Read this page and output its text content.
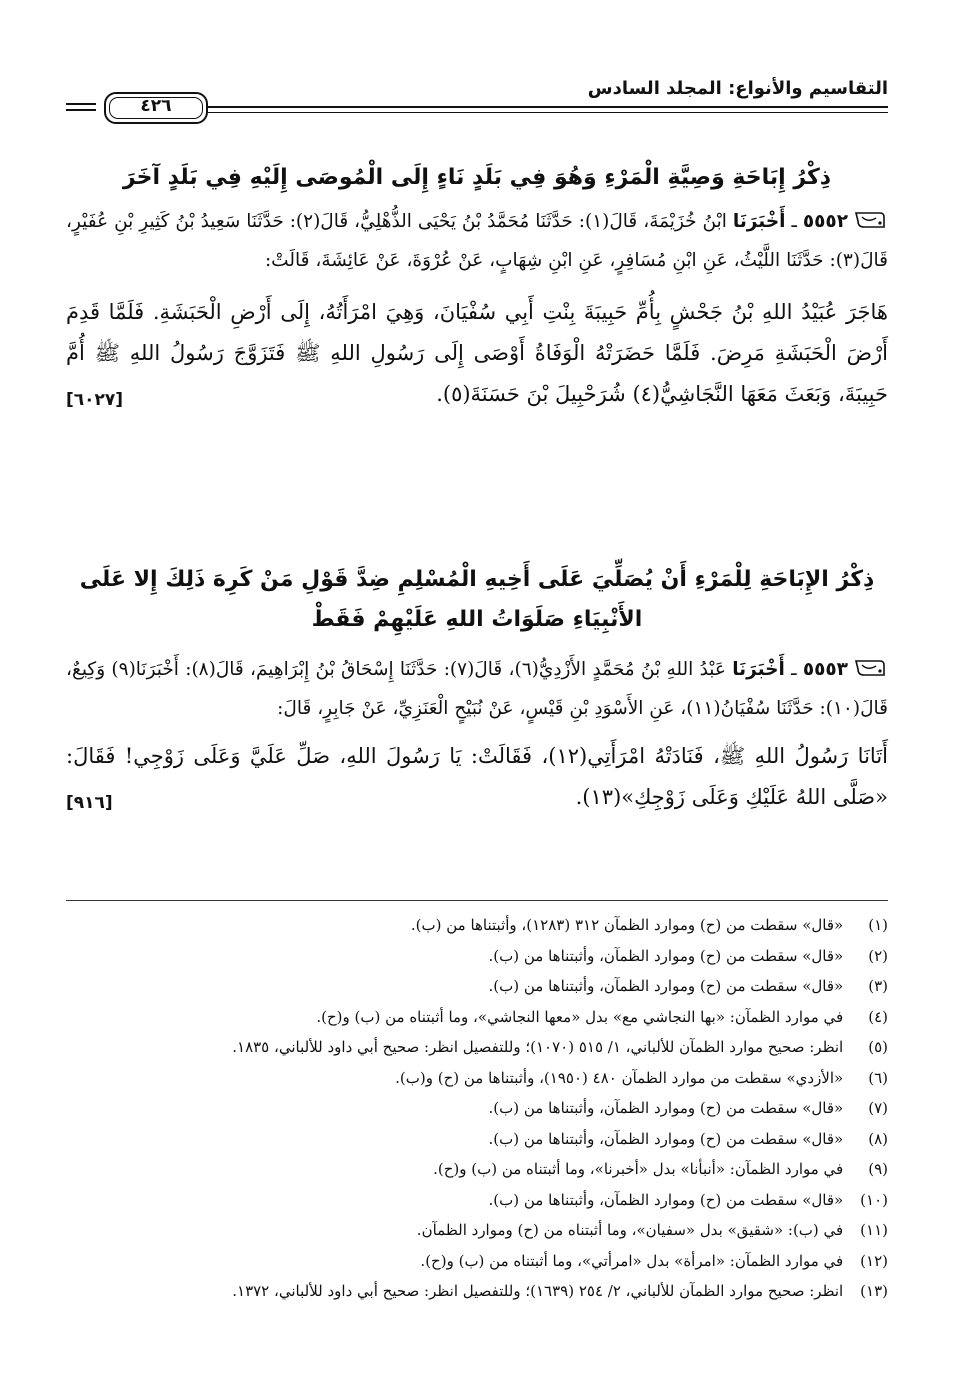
التقاسيم والأنواع: المجلد السادس
٤٢٦
ذِكْرُ إِبَاحَةِ وَصِيَّةِ الْمَرْءِ وَهُوَ فِي بَلَدٍ نَاءٍ إِلَى الْمُوصَى إِلَيْهِ فِي بَلَدٍ آخَرَ

٥٥٥٢ ـ أَخْبَرَنَا ابْنُ خُزَيْمَةَ، قَالَ(١): حَدَّثَنَا مُحَمَّدُ بْنُ يَحْيَى الذُّهْلِيُّ، قَالَ(٢): حَدَّثَنَا سَعِيدُ بْنُ كَثِيرِ بْنِ عُفَيْرٍ، قَالَ(٣): حَدَّثَنَا اللَّيْثُ، عَنِ ابْنِ مُسَافِرٍ، عَنِ ابْنِ شِهَابٍ، عَنْ عُرْوَةَ، عَنْ عَائِشَةَ، قَالَتْ:

هَاجَرَ عُبَيْدُ اللهِ بْنُ جَحْشٍ بِأُمِّ حَبِيبَةَ بِنْتِ أَبِي سُفْيَانَ، وَهِيَ امْرَأَتُهُ، إِلَى أَرْضِ الْحَبَشَةِ. فَلَمَّا قَدِمَ أَرْضَ الْحَبَشَةِ مَرِضَ. فَلَمَّا حَضَرَتْهُ الْوَفَاةُ أَوْصَى إِلَى رَسُولِ اللهِ ﷺ فَتَزَوَّجَ رَسُولُ اللهِ ﷺ أُمَّ حَبِيبَةَ، وَبَعَثَ مَعَهَا النَّجَاشِيُّ(٤) شُرَحْبِيلَ بْنَ حَسَنَةَ(٥).
[٦٠٢٧]

ذِكْرُ الإِبَاحَةِ لِلْمَرْءِ أَنْ يُصَلِّيَ عَلَى أَخِيهِ الْمُسْلِمِ ضِدَّ قَوْلِ مَنْ كَرِهَ ذَلِكَ إِلا عَلَى الأَنْبِيَاءِ صَلَوَاتُ اللهِ عَلَيْهِمْ فَقَطْ

٥٥٥٣ ـ أَخْبَرَنَا عَبْدُ اللهِ بْنُ مُحَمَّدٍ الأَزْدِيُّ(٦)، قَالَ(٧): حَدَّثَنَا إِسْحَاقُ بْنُ إِبْرَاهِيمَ، قَالَ(٨): أَخْبَرَنَا(٩) وَكِيعٌ، قَالَ(١٠): حَدَّثَنَا سُفْيَانُ(١١)، عَنِ الأَسْوَدِ بْنِ قَيْسٍ، عَنْ نُبَيْحٍ الْعَنَزِيِّ، عَنْ جَابِرٍ، قَالَ:

أَتَانَا رَسُولُ اللهِ ﷺ، فَنَادَتْهُ امْرَأَتِي(١٢)، فَقَالَتْ: يَا رَسُولَ اللهِ، صَلِّ عَلَيَّ وَعَلَى زَوْجِي! فَقَالَ: «صَلَّى اللهُ عَلَيْكِ وَعَلَى زَوْجِكِ»(١٣).
[٩١٦]

(١) «قال» سقطت من (ح) وموارد الظمآن ٣١٢ (١٢٨٣)، وأثبتناها من (ب).

(٢) «قال» سقطت من (ح) وموارد الظمآن، وأثبتناها من (ب).

(٣) «قال» سقطت من (ح) وموارد الظمآن، وأثبتناها من (ب).

(٤) في موارد الظمآن: «بها النجاشي مع» بدل «معها النجاشي»، وما أثبتناه من (ب) و(ح).

(٥) انظر: صحيح موارد الظمآن للألباني، ١/ ٥١٥ (١٠٧٠)؛ وللتفصيل انظر: صحيح أبي داود للألباني، ١٨٣٥.

(٦) «الأزدي» سقطت من موارد الظمآن ٤٨٠ (١٩٥٠)، وأثبتناها من (ح) و(ب).

(٧) «قال» سقطت من (ح) وموارد الظمآن، وأثبتناها من (ب).

(٨) «قال» سقطت من (ح) وموارد الظمآن، وأثبتناها من (ب).

(٩) في موارد الظمآن: «أنبأنا» بدل «أخبرنا»، وما أثبتناه من (ب) و(ح).

(١٠) «قال» سقطت من (ح) وموارد الظمآن، وأثبتناها من (ب).

(١١) في (ب): «شقيق» بدل «سفيان»، وما أثبتناه من (ح) وموارد الظمآن.

(١٢) في موارد الظمآن: «امرأة» بدل «امرأتي»، وما أثبتناه من (ب) و(ح).

(١٣) انظر: صحيح موارد الظمآن للألباني، ٢/ ٢٥٤ (١٦٣٩)؛ وللتفصيل انظر: صحيح أبي داود للألباني، ١٣٧٢.
